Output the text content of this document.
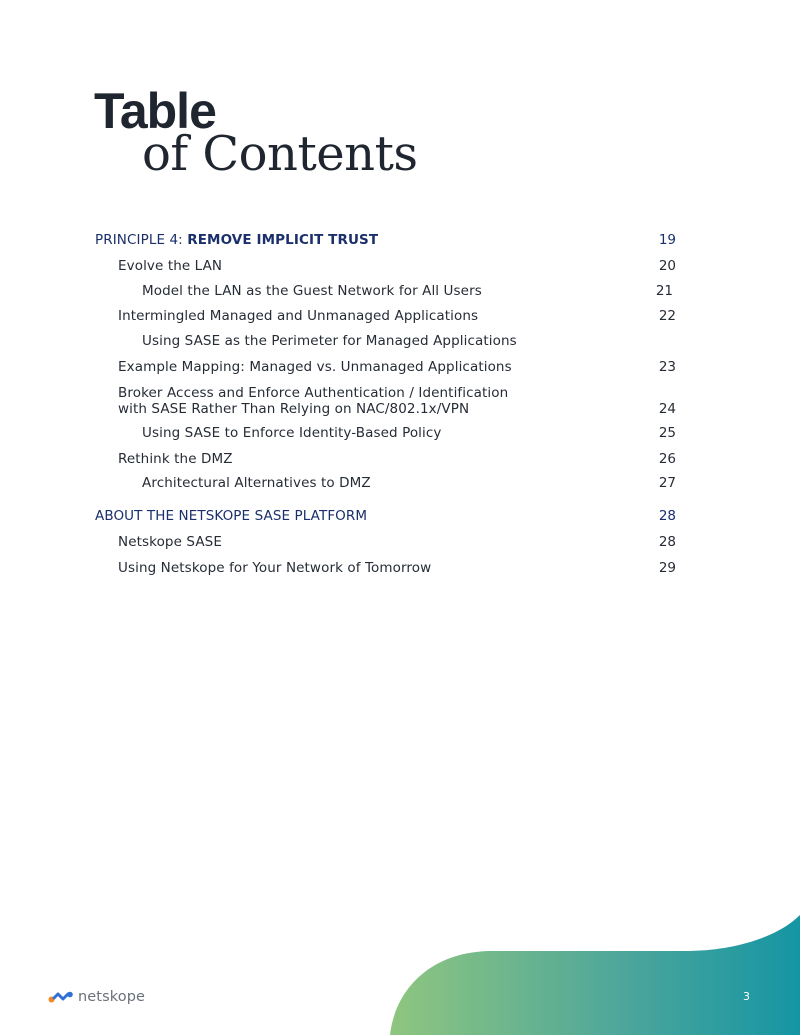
Table
of Contents
PRINCIPLE 4: REMOVE IMPLICIT TRUST	19
Evolve the LAN	20
Model the LAN as the Guest Network for All Users	21
Intermingled Managed and Unmanaged Applications	22
Using SASE as the Perimeter for Managed Applications
Example Mapping: Managed vs. Unmanaged Applications	23
Broker Access and Enforce Authentication / Identification
with SASE Rather Than Relying on NAC/802.1x/VPN	24
Using SASE to Enforce Identity-Based Policy	25
Rethink the DMZ	26
Architectural Alternatives to DMZ	27
ABOUT THE NETSKOPE SASE PLATFORM	28
Netskope SASE	28
Using Netskope for Your Network of Tomorrow	29
netskope	3
